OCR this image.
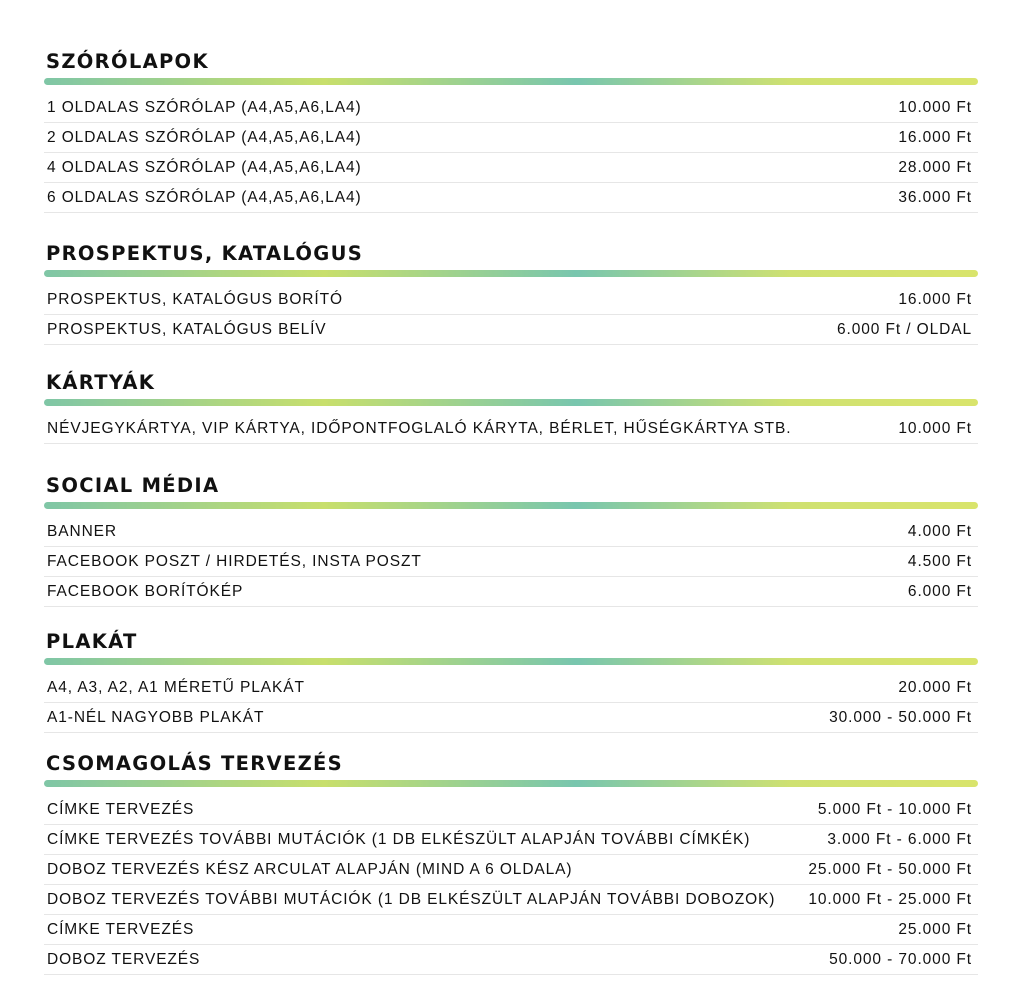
SZÓRÓLAPOK
1 OLDALAS SZÓRÓLAP (A4,A5,A6,LA4)	10.000 Ft
2 OLDALAS SZÓRÓLAP (A4,A5,A6,LA4)	16.000 Ft
4 OLDALAS SZÓRÓLAP (A4,A5,A6,LA4)	28.000 Ft
6 OLDALAS SZÓRÓLAP (A4,A5,A6,LA4)	36.000 Ft
PROSPEKTUS, KATALÓGUS
PROSPEKTUS, KATALÓGUS BORÍTÓ	16.000 Ft
PROSPEKTUS, KATALÓGUS BELÍV	6.000 Ft / OLDAL
KÁRTYÁK
NÉVJEGYKÁRTYA, VIP KÁRTYA, IDŐPONTFOGLALÓ KÁRYTA, BÉRLET, HŰSÉGKÁRTYA STB.	10.000 Ft
SOCIAL MÉDIA
BANNER	4.000 Ft
FACEBOOK POSZT / HIRDETÉS, INSTA POSZT	4.500 Ft
FACEBOOK BORÍTÓKÉP	6.000 Ft
PLAKÁT
A4, A3, A2, A1 MÉRETŰ PLAKÁT	20.000 Ft
A1-NÉL NAGYOBB PLAKÁT	30.000 - 50.000 Ft
CSOMAGOLÁS TERVEZÉS
CÍMKE TERVEZÉS	5.000 Ft - 10.000 Ft
CÍMKE TERVEZÉS TOVÁBBI MUTÁCIÓK (1 DB ELKÉSZÜLT ALAPJÁN TOVÁBBI CÍMKÉK)	3.000 Ft - 6.000 Ft
DOBOZ TERVEZÉS KÉSZ ARCULAT ALAPJÁN (MIND A 6 OLDALA)	25.000 Ft - 50.000 Ft
DOBOZ TERVEZÉS TOVÁBBI MUTÁCIÓK (1 DB ELKÉSZÜLT ALAPJÁN TOVÁBBI DOBOZOK) 10.000 Ft - 25.000 Ft
CÍMKE TERVEZÉS	25.000 Ft
DOBOZ TERVEZÉS	50.000 - 70.000 Ft
